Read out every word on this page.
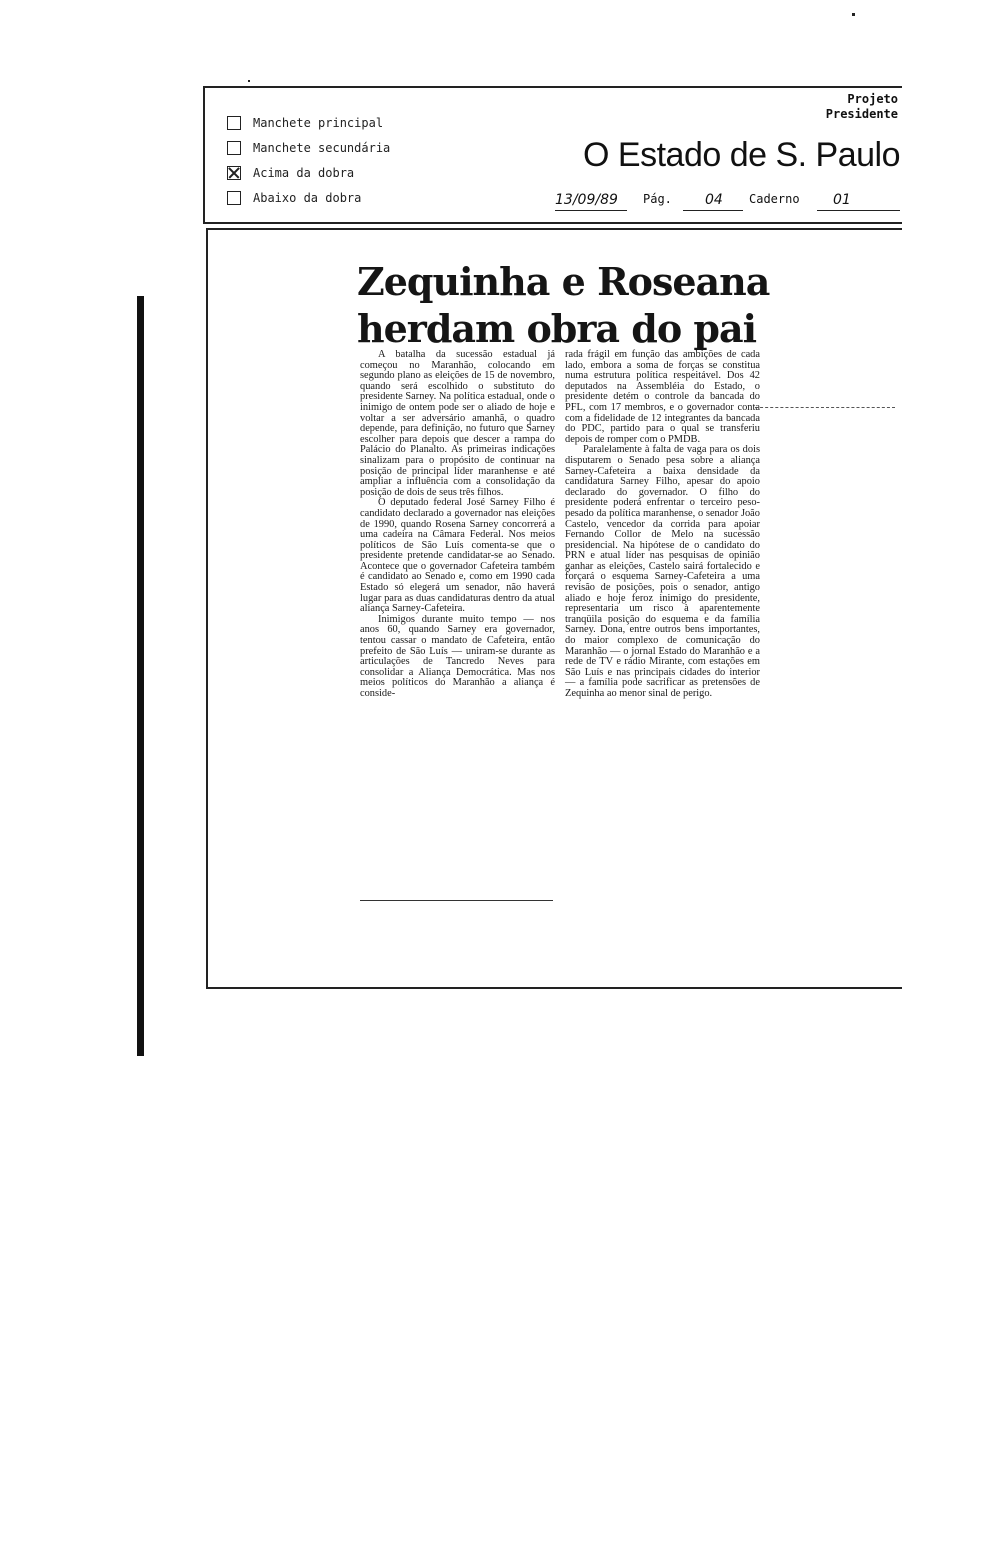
Manchete principal
Manchete secundária
Acima da dobra
Abaixo da dobra
Projeto
Presidente
O Estado de S. Paulo
13/09/89 Pág. 04 Caderno 01
Zequinha e Roseana
herdam obra do pai

A batalha da sucessão estadual já começou no Maranhão, colocando em segundo plano as eleições de 15 de novembro, quando será escolhido o substituto do presidente Sarney. Na política estadual, onde o inimigo de ontem pode ser o aliado de hoje e voltar a ser adversário amanhã, o quadro depende, para definição, no futuro que Sarney escolher para depois que descer a rampa do Palácio do Planalto. As primeiras indicações sinalizam para o propósito de continuar na posição de principal líder maranhense e até ampliar a influência com a consolidação da posição de dois de seus três filhos.

O deputado federal José Sarney Filho é candidato declarado a governador nas eleições de 1990, quando Rosena Sarney concorrerá a uma cadeira na Câmara Federal. Nos meios políticos de São Luís comenta-se que o presidente pretende candidatar-se ao Senado. Acontece que o governador Cafeteira também é candidato ao Senado e, como em 1990 cada Estado só elegerá um senador, não haverá lugar para as duas candidaturas dentro da atual aliança Sarney-Cafeteira.

Inimigos durante muito tempo — nos anos 60, quando Sarney era governador, tentou cassar o mandato de Cafeteira, então prefeito de São Luís — uniram-se durante as articulações de Tancredo Neves para consolidar a Aliança Democrática. Mas nos meios políticos do Maranhão a aliança é conside-

rada frágil em função das ambições de cada lado, embora a soma de forças se constitua numa estrutura política respeitável. Dos 42 deputados na Assembléia do Estado, o presidente detém o controle da bancada do PFL, com 17 membros, e o governador conta com a fidelidade de 12 integrantes da bancada do PDC, partido para o qual se transferiu depois de romper com o PMDB.

Paralelamente à falta de vaga para os dois disputarem o Senado pesa sobre a aliança Sarney-Cafeteira a baixa densidade da candidatura Sarney Filho, apesar do apoio declarado do governador. O filho do presidente poderá enfrentar o terceiro peso-pesado da política maranhense, o senador João Castelo, vencedor da corrida para apoiar Fernando Collor de Melo na sucessão presidencial. Na hipótese de o candidato do PRN e atual líder nas pesquisas de opinião ganhar as eleições, Castelo sairá fortalecido e forçará o esquema Sarney-Cafeteira a uma revisão de posições, pois o senador, antigo aliado e hoje feroz inimigo do presidente, representaria um risco à aparentemente tranqüila posição do esquema e da família Sarney. Dona, entre outros bens importantes, do maior complexo de comunicação do Maranhão — o jornal Estado do Maranhão e a rede de TV e rádio Mirante, com estações em São Luís e nas principais cidades do interior — a família pode sacrificar as pretensões de Zequinha ao menor sinal de perigo.
